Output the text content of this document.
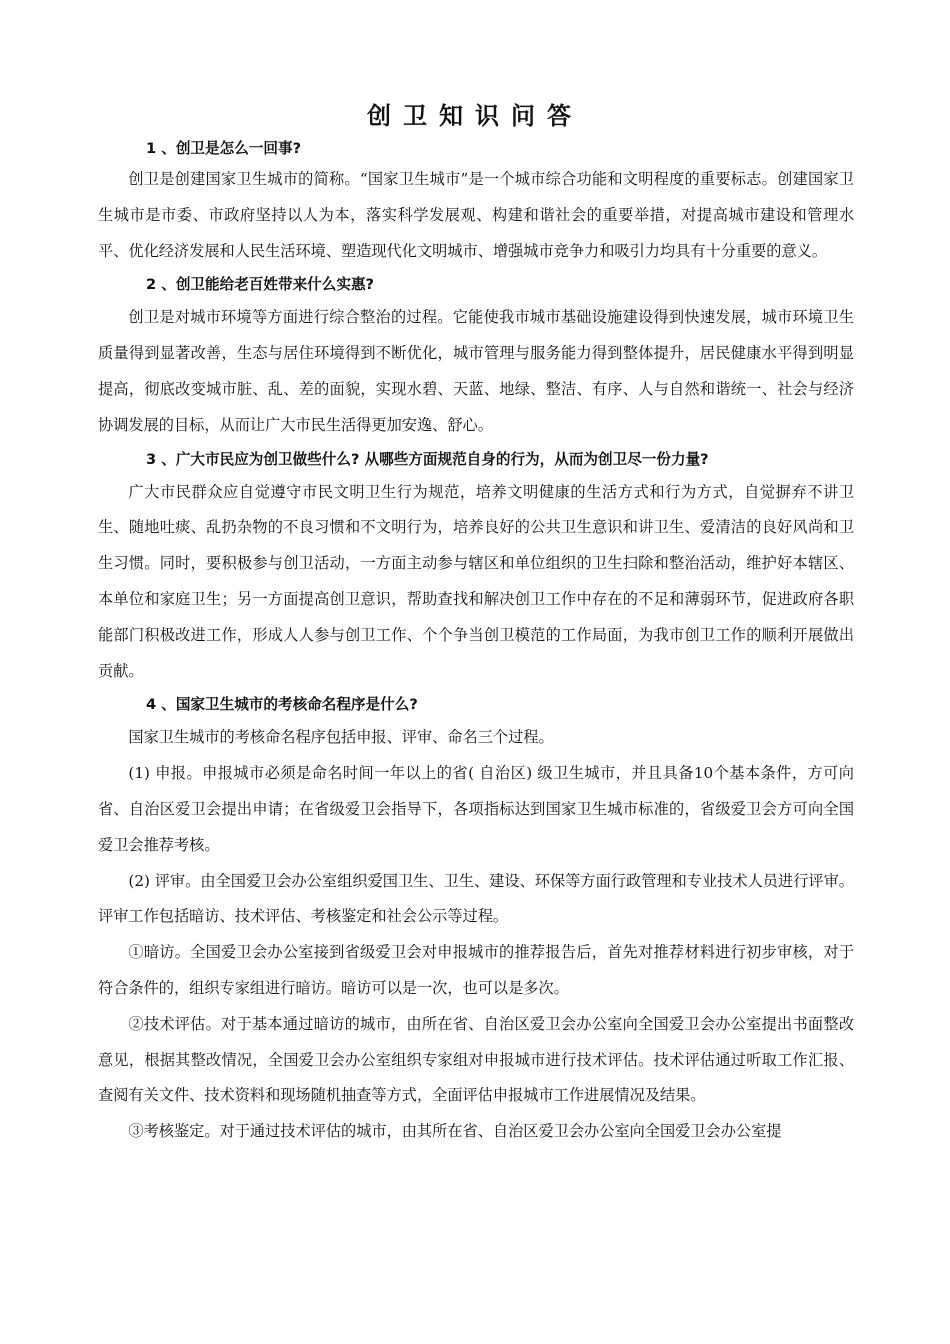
创卫知识问答
1 、创卫是怎么一回事?

创卫是创建国家卫生城市的简称。“国家卫生城市”是一个城市综合功能和文明程度的重要标志。创建国家卫生城市是市委、市政府坚持以人为本，落实科学发展观、构建和谐社会的重要举措，对提高城市建设和管理水平、优化经济发展和人民生活环境、塑造现代化文明城市、增强城市竞争力和吸引力均具有十分重要的意义。

2 、创卫能给老百姓带来什么实惠?

创卫是对城市环境等方面进行综合整治的过程。它能使我市城市基础设施建设得到快速发展，城市环境卫生质量得到显著改善，生态与居住环境得到不断优化，城市管理与服务能力得到整体提升，居民健康水平得到明显提高，彻底改变城市脏、乱、差的面貌，实现水碧、天蓝、地绿、整洁、有序、人与自然和谐统一、社会与经济协调发展的目标，从而让广大市民生活得更加安逸、舒心。

3 、广大市民应为创卫做些什么? 从哪些方面规范自身的行为，从而为创卫尽一份力量?

广大市民群众应自觉遵守市民文明卫生行为规范，培养文明健康的生活方式和行为方式，自觉摒弃不讲卫生、随地吐痰、乱扔杂物的不良习惯和不文明行为，培养良好的公共卫生意识和讲卫生、爱清洁的良好风尚和卫生习惯。同时，要积极参与创卫活动，一方面主动参与辖区和单位组织的卫生扫除和整治活动，维护好本辖区、本单位和家庭卫生；另一方面提高创卫意识，帮助查找和解决创卫工作中存在的不足和薄弱环节，促进政府各职能部门积极改进工作，形成人人参与创卫工作、个个争当创卫模范的工作局面，为我市创卫工作的顺利开展做出贡献。

4 、国家卫生城市的考核命名程序是什么?

国家卫生城市的考核命名程序包括申报、评审、命名三个过程。

(1) 申报。申报城市必须是命名时间一年以上的省( 自治区) 级卫生城市，并且具备10个基本条件，方可向省、自治区爱卫会提出申请；在省级爱卫会指导下，各项指标达到国家卫生城市标准的，省级爱卫会方可向全国爱卫会推荐考核。

(2) 评审。由全国爱卫会办公室组织爱国卫生、卫生、建设、环保等方面行政管理和专业技术人员进行评审。评审工作包括暗访、技术评估、考核鉴定和社会公示等过程。

①暗访。全国爱卫会办公室接到省级爱卫会对申报城市的推荐报告后，首先对推荐材料进行初步审核，对于符合条件的，组织专家组进行暗访。暗访可以是一次，也可以是多次。

②技术评估。对于基本通过暗访的城市，由所在省、自治区爱卫会办公室向全国爱卫会办公室提出书面整改意见，根据其整改情况，全国爱卫会办公室组织专家组对申报城市进行技术评估。技术评估通过听取工作汇报、查阅有关文件、技术资料和现场随机抽查等方式，全面评估申报城市工作进展情况及结果。

③考核鉴定。对于通过技术评估的城市，由其所在省、自治区爱卫会办公室向全国爱卫会办公室提
